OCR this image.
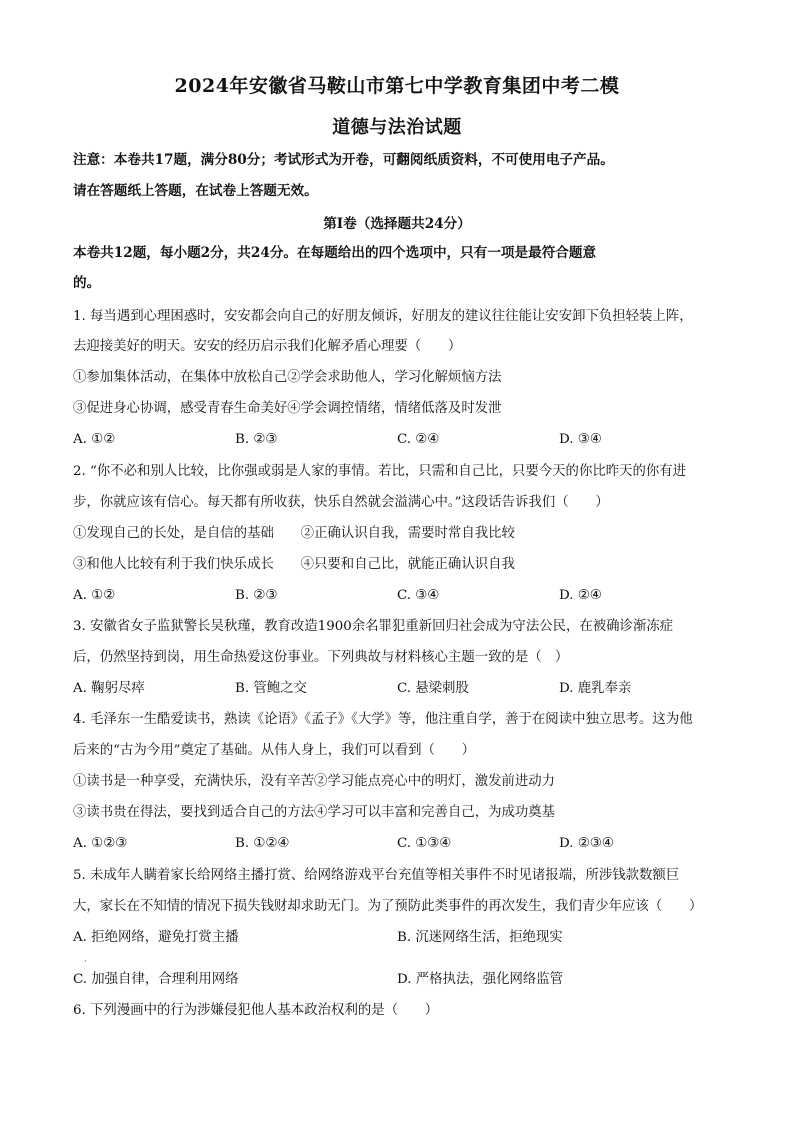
2024年安徽省马鞍山市第七中学教育集团中考二模
道德与法治试题
注意：本卷共17题，满分80分；考试形式为开卷，可翻阅纸质资料，不可使用电子产品。
请在答题纸上答题，在试卷上答题无效。
第Ⅰ卷（选择题共24分）
本卷共12题，每小题2分，共24分。在每题给出的四个选项中，只有一项是最符合题意
的。
1. 每当遇到心理困惑时，安安都会向自己的好朋友倾诉，好朋友的建议往往能让安安卸下负担轻装上阵，
去迎接美好的明天。安安的经历启示我们化解矛盾心理要（　　）
①参加集体活动，在集体中放松自己②学会求助他人，学习化解烦恼方法
③促进身心协调，感受青春生命美好④学会调控情绪，情绪低落及时发泄
A. ①②	B. ②③	C. ②④	D. ③④
2. “你不必和别人比较，比你强或弱是人家的事情。若比，只需和自己比，只要今天的你比昨天的你有进
步，你就应该有信心。每天都有所收获，快乐自然就会溢满心中。”这段话告诉我们（　　）
①发现自己的长处，是自信的基础　　②正确认识自我，需要时常自我比较
③和他人比较有利于我们快乐成长　　④只要和自己比，就能正确认识自我
A. ①②	B. ②③	C. ③④	D. ②④
3. 安徽省女子监狱警长吴秋瑾，教育改造1900余名罪犯重新回归社会成为守法公民，在被确诊渐冻症
后，仍然坚持到岗，用生命热爱这份事业。下列典故与材料核心主题一致的是（　）
A. 鞠躬尽瘁	B. 管鲍之交	C. 悬梁刺股	D. 鹿乳奉亲
4. 毛泽东一生酷爱读书，熟读《论语》《孟子》《大学》等，他注重自学，善于在阅读中独立思考。这为他
后来的“古为今用”奠定了基础。从伟人身上，我们可以看到（　　）
①读书是一种享受，充满快乐，没有辛苦②学习能点亮心中的明灯，激发前进动力
③读书贵在得法，要找到适合自己的方法④学习可以丰富和完善自己，为成功奠基
A. ①②③	B. ①②④	C. ①③④	D. ②③④
5. 未成年人瞒着家长给网络主播打赏、给网络游戏平台充值等相关事件不时见诸报端，所涉钱款数额巨
大，家长在不知情的情况下损失钱财却求助无门。为了预防此类事件的再次发生，我们青少年应该（　　）
A. 拒绝网络，避免打赏主播	B. 沉迷网络生活，拒绝现实
·
C. 加强自律，合理利用网络	D. 严格执法，强化网络监管
6. 下列漫画中的行为涉嫌侵犯他人基本政治权利的是（　　）
